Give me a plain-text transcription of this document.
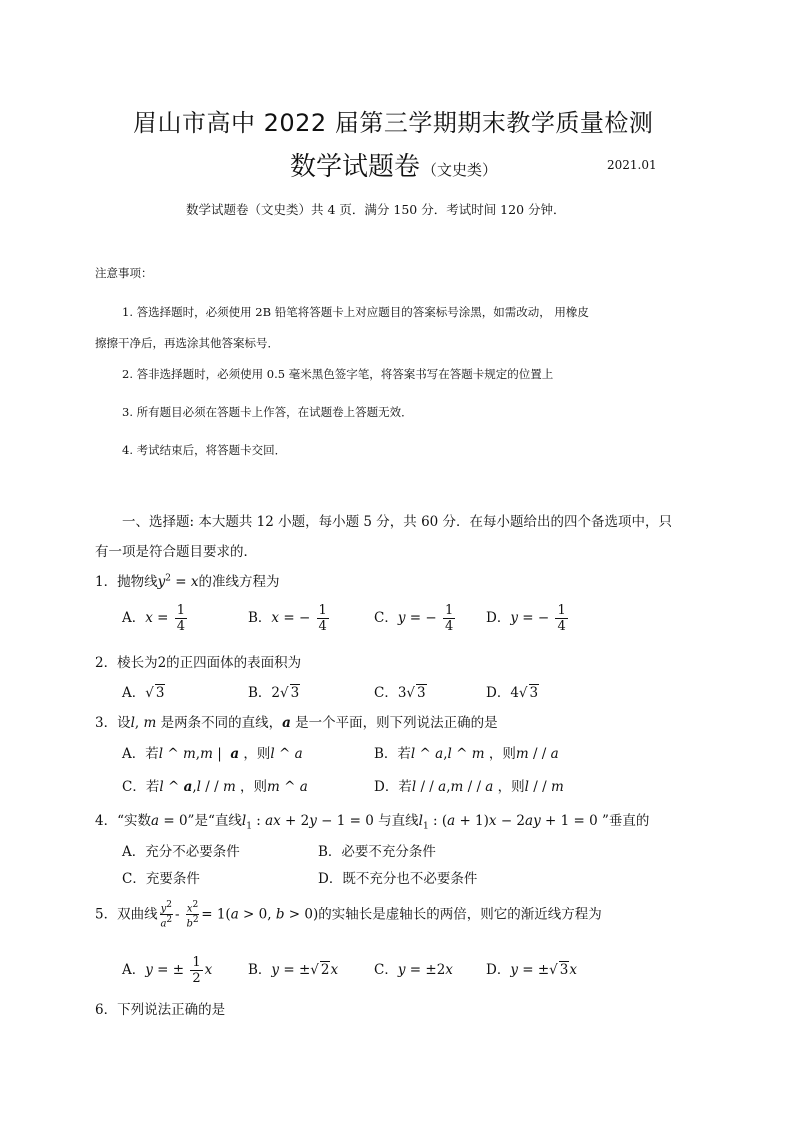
眉山市高中 2022 届第三学期期末教学质量检测
数学试题卷 （文史类）	2021.01
数学试题卷（文史类）共 4 页．满分 150 分．考试时间 120 分钟．
注意事项：
1. 答选择题时，必须使用 2B 铅笔将答题卡上对应题目的答案标号涂黑，如需改动， 用橡皮
擦擦干净后，再选涂其他答案标号．
2. 答非选择题时，必须使用 0.5 毫米黑色签字笔，将答案书写在答题卡规定的位置上
3. 所有题目必须在答题卡上作答，在试题卷上答题无效．
4. 考试结束后，将答题卡交回．
一、选择题: 本大题共 12 小题，每小题 5 分，共 60 分．在每小题给出的四个备选项中，只
有一项是符合题目要求的．
1．抛物线$y^2 = x$的准线方程为
A．$x = \frac{1}{4}$	B．x = − $\frac{1}{4}$	C．y = − $\frac{1}{4}$ D．y = − $\frac{1}{4}$
2．棱长为2的正四面体的表面积为
A．√ 3	B．2√ 3	C．3√ 3	D．4√ 3
3．设l, m 是两条不同的直线，a 是一个平面，则下列说法正确的是
A．若l ^ m,m |  a ，则l ^ a	B．若l ^ a,l ^ m ，则m / / a
C．若l ^ a,l / / m ，则m ^ a	D．若l / / a,m / / a ，则l / / m
4．“实数a = 0”是“直线$l_1$ : ax + 2y − 1 = 0 与直线$l_1$ : (a + 1)x − 2ay + 1 = 0 ”垂直的
A．充分不必要条件	B．必要不充分条件
C．充要条件	D．既不充分也不必要条件
5．双曲线 $\frac{y^2}{a^2} - \frac{x^2}{b^2} = 1(a > 0$, b > 0)的实轴长是虚轴长的两倍，则它的渐近线方程为
A．y = ± $\frac{1}{2}$ x	B．y = ±√ 2x	C．y = ±2x D．y = ±√ 3x
6．下列说法正确的是
